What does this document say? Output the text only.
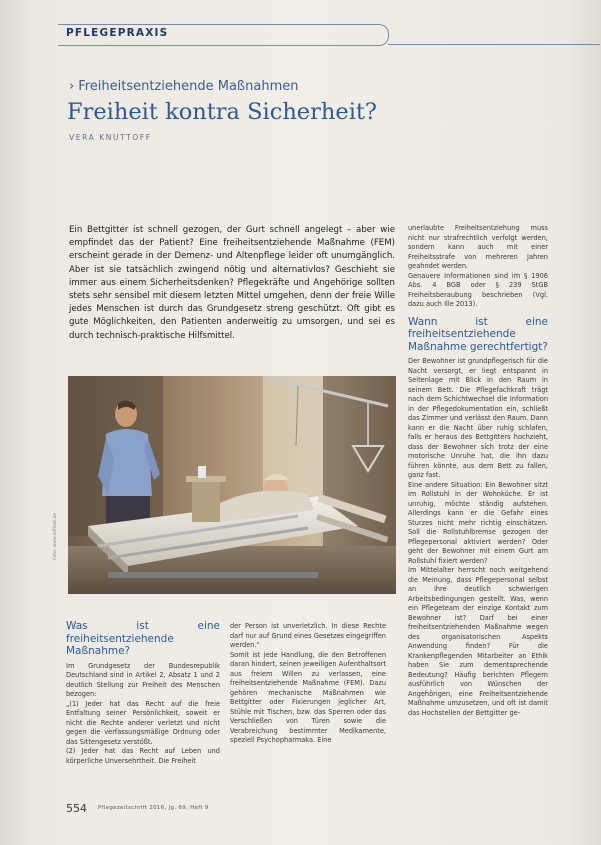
PFLEGEPRAXIS
› Freiheitsentziehende Maßnahmen
Freiheit kontra Sicherheit?
VERA KNUTTOFF
Ein Bettgitter ist schnell gezogen, der Gurt schnell angelegt – aber wie empfindet das der Patient? Eine freiheitsentziehende Maßnahme (FEM) erscheint gerade in der Demenz- und Altenpflege leider oft unumgänglich. Aber ist sie tatsächlich zwingend nötig und alternativlos? Geschieht sie immer aus einem Sicherheitsdenken? Pflegekräfte und Angehörige sollten stets sehr sensibel mit diesem letzten Mittel umgehen, denn der freie Wille jedes Menschen ist durch das Grundgesetz streng geschützt. Oft gibt es gute Möglichkeiten, den Patienten anderweitig zu umsorgen, und sei es durch technisch-praktische Hilfsmittel.
Foto: www.leifheit.de
Was ist eine freiheitsentziehende Maßnahme?

Im Grundgesetz der Bundesrepublik Deutschland sind in Artikel 2, Absatz 1 und 2 deutlich Stellung zur Freiheit des Menschen bezogen:

„(1) Jeder hat das Recht auf die freie Entfaltung seiner Persönlichkeit, soweit er nicht die Rechte anderer verletzt und nicht gegen die verfassungsmäßige Ordnung oder das Sittengesetz verstößt.

(2) Jeder hat das Recht auf Leben und körperliche Unversehrtheit. Die Freiheit

der Person ist unverletzlich. In diese Rechte darf nur auf Grund eines Gesetzes eingegriffen werden.“

Somit ist jede Handlung, die den Betroffenen daran hindert, seinen jeweiligen Aufenthaltsort aus freiem Willen zu verlassen, eine freiheitsentziehende Maßnahme (FEM). Dazu gehören mechanische Maßnahmen wie Bettgitter oder Fixierungen jeglicher Art, Stühle mit Tischen, bzw. das Sperren oder das Verschließen von Türen sowie die Verabreichung bestimmter Medikamente, speziell Psychopharmaka. Eine

unerlaubte Freiheitsentziehung muss nicht nur strafrechtlich verfolgt werden, sondern kann auch mit einer Freiheitsstrafe von mehreren Jahren geahndet werden.

Genauere Informationen sind im § 1906 Abs. 4 BGB oder § 239 StGB Freiheitsberaubung beschrieben (Vgl. dazu auch Ille 2013).

Wann ist eine freiheitsentziehende Maßnahme gerechtfertigt?

Der Bewohner ist grundpflegerisch für die Nacht versorgt, er liegt entspannt in Seitenlage mit Blick in den Raum in seinem Bett. Die Pflegefachkraft trägt nach dem Schichtwechsel die Information in der Pflegedokumentation ein, schließt das Zimmer und verlässt den Raum. Dann kann er die Nacht über ruhig schlafen, falls er heraus des Bettgitters hochzieht, dass der Bewohner sich trotz der eine motorische Unruhe hat, die ihn dazu führen könnte, aus dem Bett zu fallen, ganz fast.

Eine andere Situation: Ein Bewohner sitzt im Rollstuhl in der Wohnküche. Er ist unruhig, möchte ständig aufstehen. Allerdings kann er die Gefahr eines Sturzes nicht mehr richtig einschätzen. Soll die Rollstuhlbremse gezogen der Pflegepersonal aktiviert werden? Oder geht der Bewohner mit einem Gurt am Rollstuhl fixiert werden?

Im Mittelalter herrscht noch weitgehend die Meinung, dass Pflegepersonal selbst an ihre deutlich schwierigen Arbeitsbedingungen gestellt. Was, wenn ein Pflegeteam der einzige Kontakt zum Bewohner ist? Darf bei einer freiheitsentziehenden Maßnahme wegen des organisatorischen Aspekts Anwendung finden? Für die Krankenpflegenden Mitarbeiter an Ethik haben Sie zum dementsprechende Bedeutung? Häufig berichten Pflegern ausführlich von Wünschen der Angehörigen, eine Freiheitsentziehende Maßnahme umzusetzen, und oft ist damit das Hochstellen der Bettgitter ge-

554 Pflegezeitschrift 2016, Jg. 69, Heft 9
